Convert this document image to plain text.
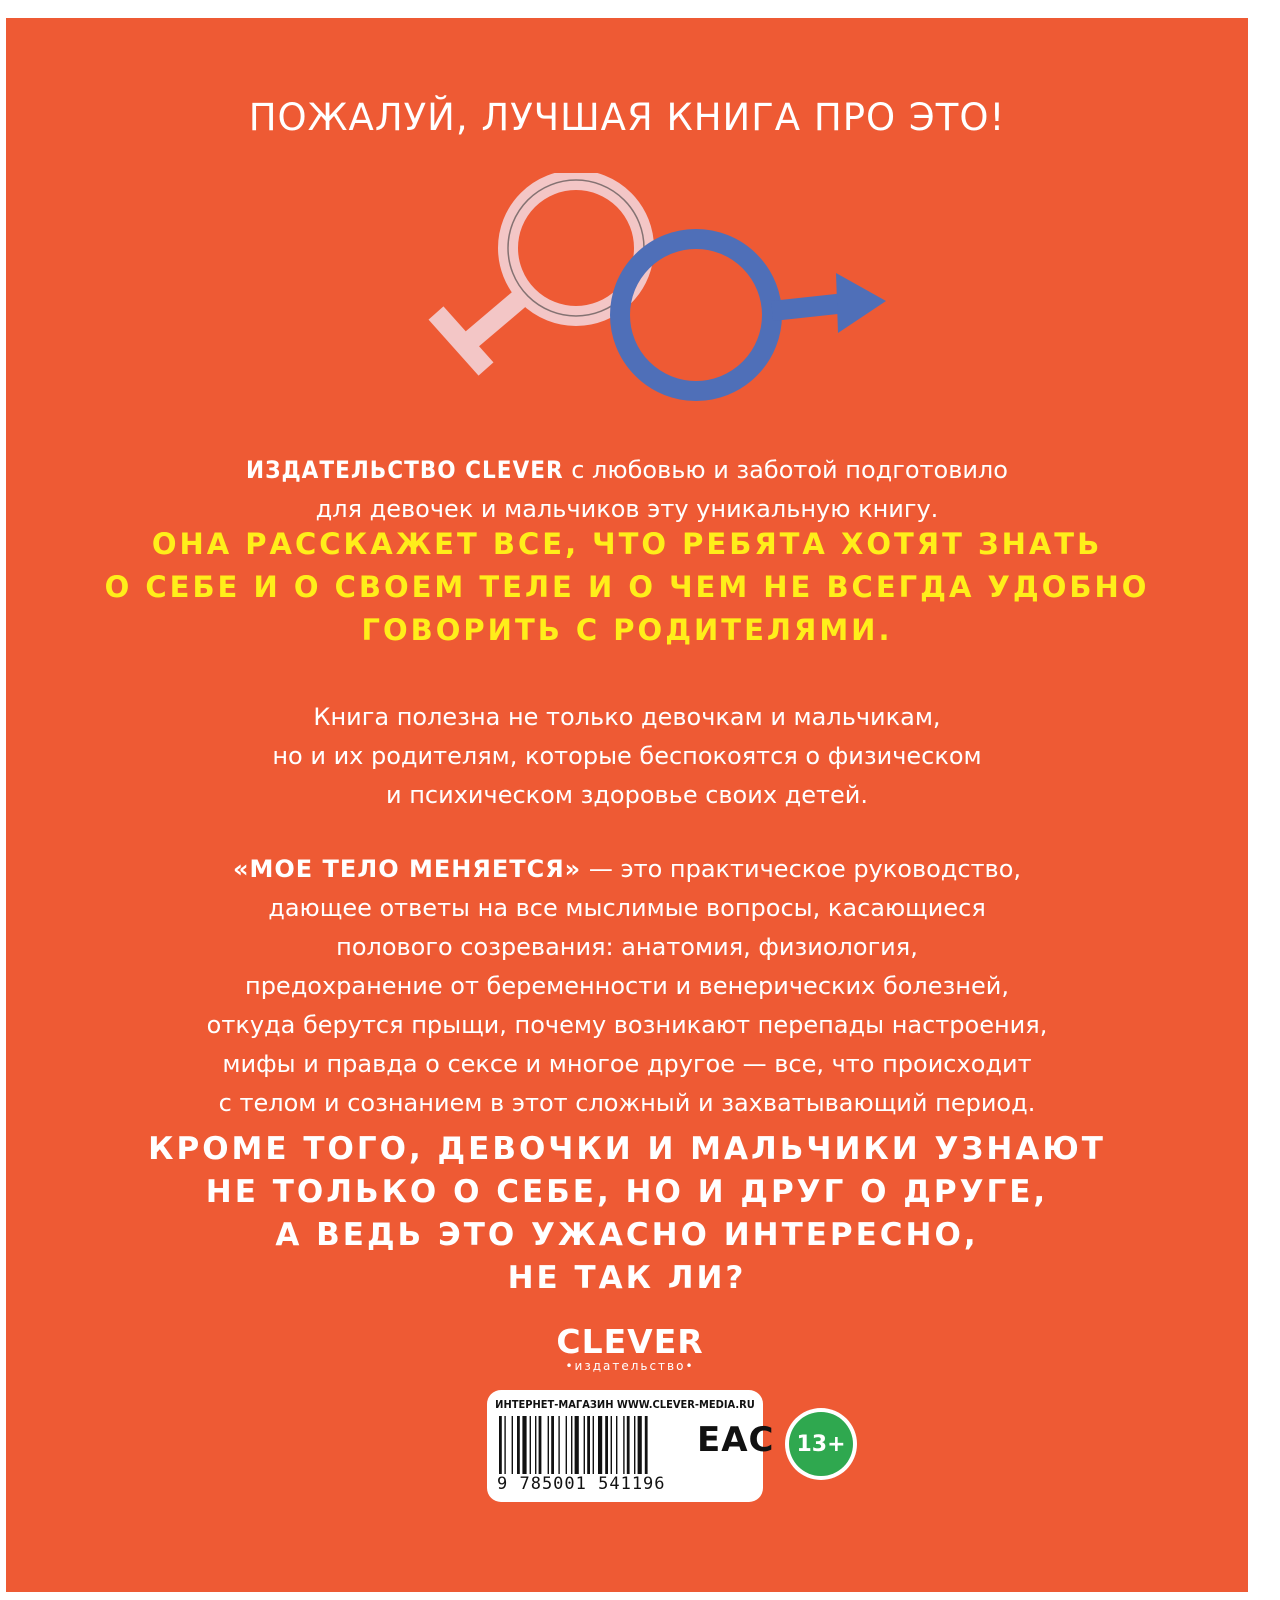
ПОЖАЛУЙ, ЛУЧШАЯ КНИГА ПРО ЭТО!
ИЗДАТЕЛЬСТВО CLEVER с любовью и заботой подготовило
для девочек и мальчиков эту уникальную книгу.
ОНА РАССКАЖЕТ ВСЕ, ЧТО РЕБЯТА ХОТЯТ ЗНАТЬ
О СЕБЕ И О СВОЕМ ТЕЛЕ И О ЧЕМ НЕ ВСЕГДА УДОБНО
ГОВОРИТЬ С РОДИТЕЛЯМИ.
Книга полезна не только девочкам и мальчикам,
но и их родителям, которые беспокоятся о физическом
и психическом здоровье своих детей.
«МОЕ ТЕЛО МЕНЯЕТСЯ» — это практическое руководство,
дающее ответы на все мыслимые вопросы, касающиеся
полового созревания: анатомия, физиология,
предохранение от беременности и венерических болезней,
откуда берутся прыщи, почему возникают перепады настроения,
мифы и правда о сексе и многое другое — все, что происходит
с телом и сознанием в этот сложный и захватывающий период.
КРОМЕ ТОГО, ДЕВОЧКИ И МАЛЬЧИКИ УЗНАЮТ
НЕ ТОЛЬКО О СЕБЕ, НО И ДРУГ О ДРУГЕ,
А ВЕДЬ ЭТО УЖАСНО ИНТЕРЕСНО,
НЕ ТАК ЛИ?
CLEVER
•издательство•
ИНТЕРНЕТ-МАГАЗИН WWW.CLEVER-MEDIA.RU
9 785001 541196
EAC 13+
